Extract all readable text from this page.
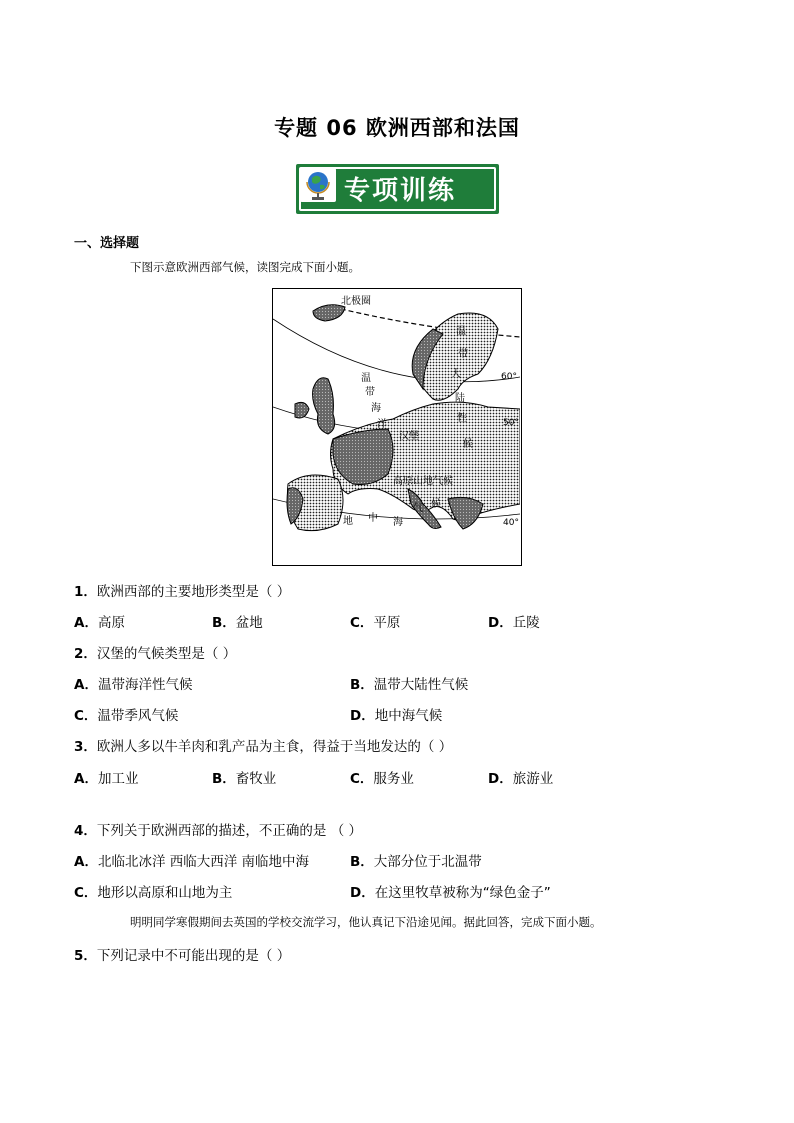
专题 06 欧洲西部和法国
专项训练
一、选择题
下图示意欧洲西部气候，读图完成下面小题。
北极圈
60°
50°
40°
汉堡
高原山地气候
温
带
海
洋
温
带
大
陆
性
候
地 中 海
气 候
1．欧洲西部的主要地形类型是（ ）
A．高原	B．盆地	C．平原	D．丘陵
2．汉堡的气候类型是（ ）
A．温带海洋性气候	B．温带大陆性气候
C．温带季风气候	D．地中海气候
3．欧洲人多以牛羊肉和乳产品为主食，得益于当地发达的（ ）
A．加工业	B．畜牧业	C．服务业	D．旅游业
4．下列关于欧洲西部的描述，不正确的是 （ ）
A．北临北冰洋 西临大西洋 南临地中海	B．大部分位于北温带
C．地形以高原和山地为主	D．在这里牧草被称为“绿色金子”
明明同学寒假期间去英国的学校交流学习，他认真记下沿途见闻。据此回答，完成下面小题。
5．下列记录中不可能出现的是（ ）
